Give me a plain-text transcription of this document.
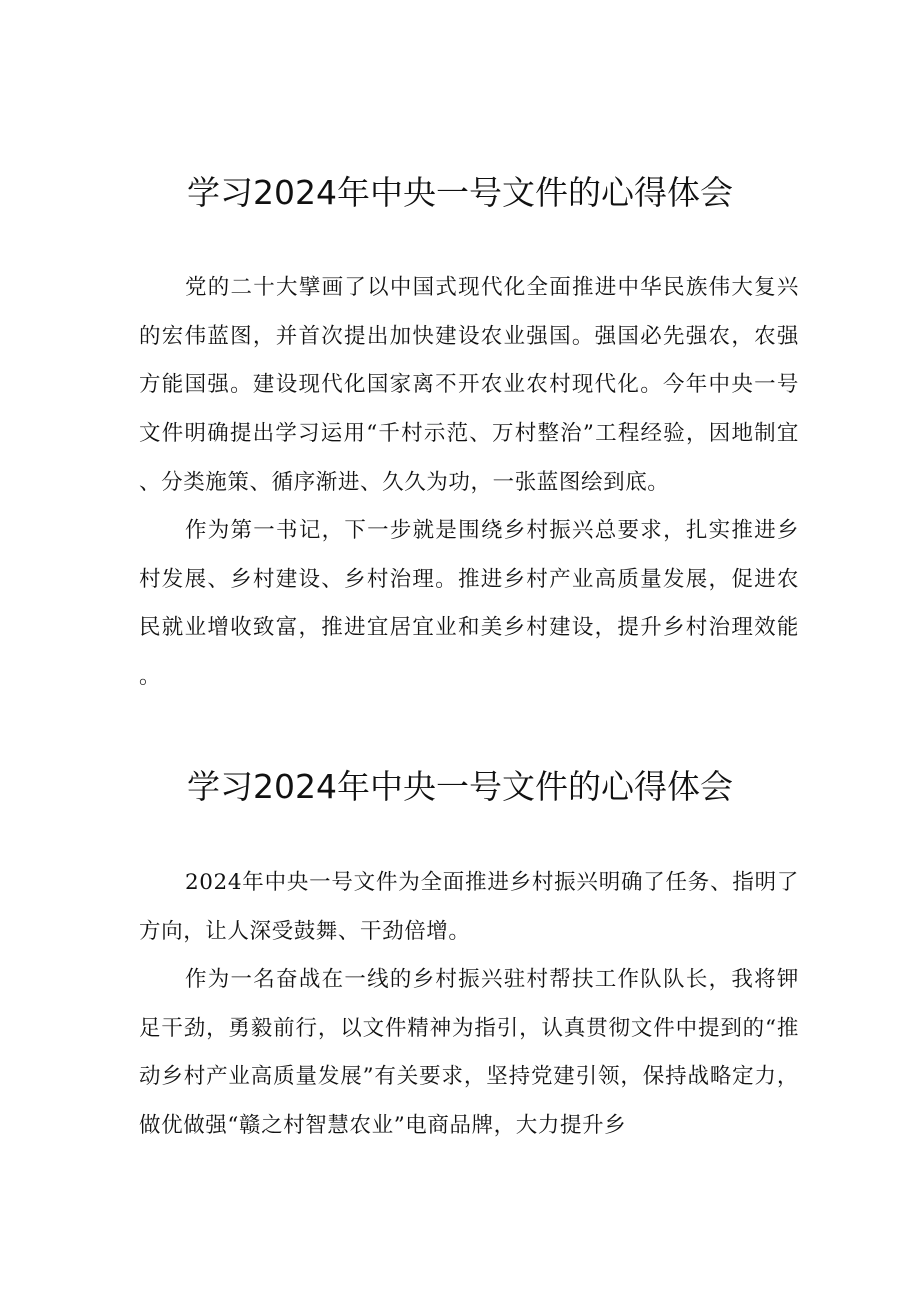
学习2024年中央一号文件的心得体会

党的二十大擘画了以中国式现代化全面推进中华民族伟大复兴的宏伟蓝图，并首次提出加快建设农业强国。强国必先强农，农强方能国强。建设现代化国家离不开农业农村现代化。今年中央一号文件明确提出学习运用“千村示范、万村整治”工程经验，因地制宜、分类施策、循序渐进、久久为功，一张蓝图绘到底。

作为第一书记，下一步就是围绕乡村振兴总要求，扎实推进乡村发展、乡村建设、乡村治理。推进乡村产业高质量发展，促进农民就业增收致富，推进宜居宜业和美乡村建设，提升乡村治理效能。

学习2024年中央一号文件的心得体会

2024年中央一号文件为全面推进乡村振兴明确了任务、指明了方向，让人深受鼓舞、干劲倍增。

作为一名奋战在一线的乡村振兴驻村帮扶工作队队长，我将钾足干劲，勇毅前行，以文件精神为指引，认真贯彻文件中提到的“推动乡村产业高质量发展”有关要求，坚持党建引领，保持战略定力，做优做强“赣之村智慧农业”电商品牌，大力提升乡
